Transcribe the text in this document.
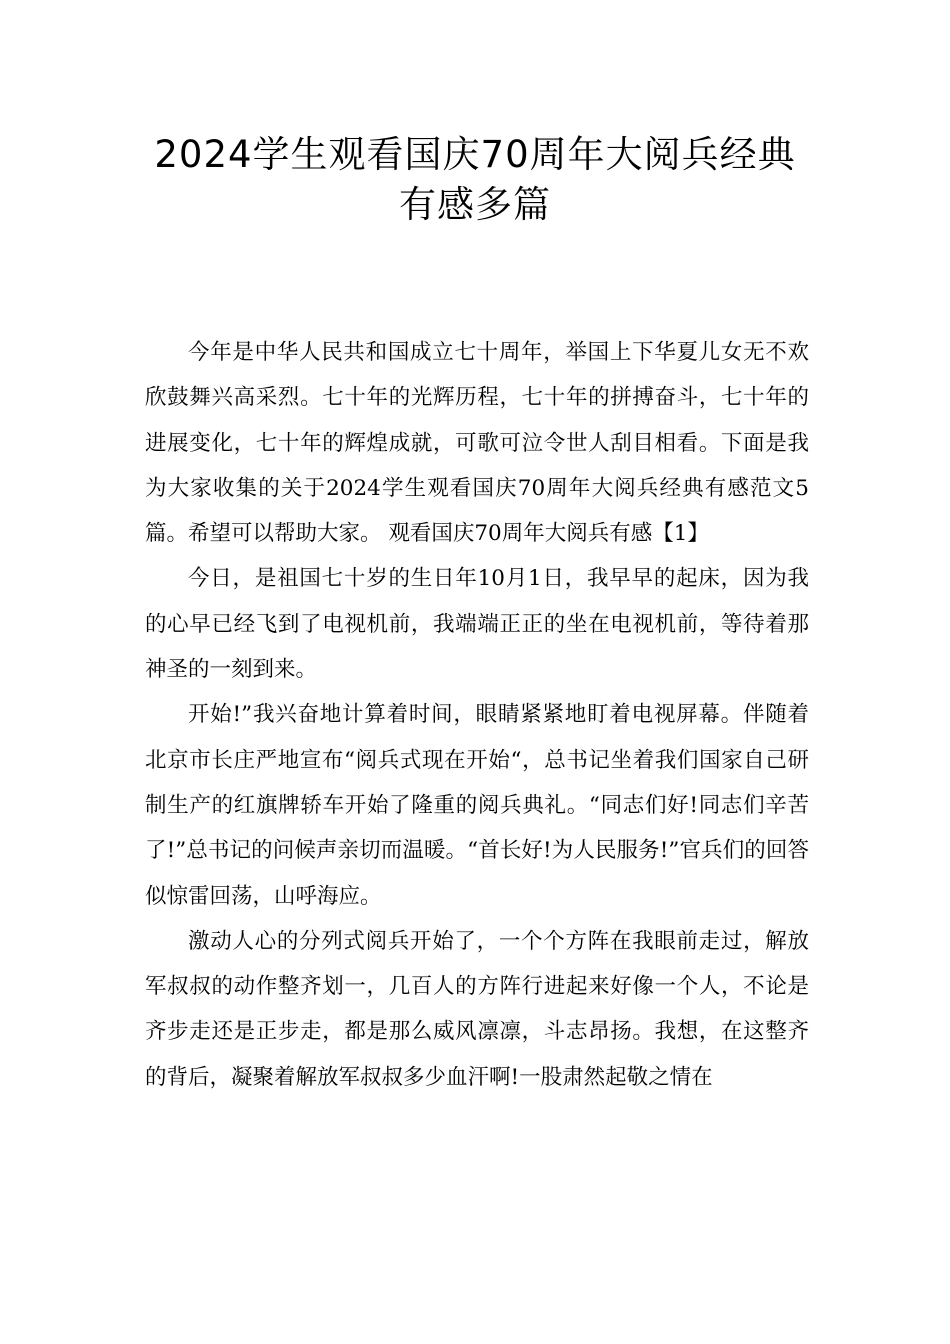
2024学生观看国庆70周年大阅兵经典
有感多篇

今年是中华人民共和国成立七十周年，举国上下华夏儿女无不欢欣鼓舞兴高采烈。七十年的光辉历程，七十年的拼搏奋斗，七十年的进展变化，七十年的辉煌成就，可歌可泣令世人刮目相看。下面是我为大家收集的关于2024学生观看国庆70周年大阅兵经典有感范文5篇。希望可以帮助大家。 观看国庆70周年大阅兵有感【1】

今日，是祖国七十岁的生日年10月1日，我早早的起床，因为我的心早已经飞到了电视机前，我端端正正的坐在电视机前，等待着那神圣的一刻到来。

开始!”我兴奋地计算着时间，眼睛紧紧地盯着电视屏幕。伴随着北京市长庄严地宣布“阅兵式现在开始“，总书记坐着我们国家自己研制生产的红旗牌轿车开始了隆重的阅兵典礼。“同志们好!同志们辛苦了!”总书记的问候声亲切而温暖。“首长好!为人民服务!”官兵们的回答似惊雷回荡，山呼海应。

激动人心的分列式阅兵开始了，一个个方阵在我眼前走过，解放军叔叔的动作整齐划一，几百人的方阵行进起来好像一个人，不论是齐步走还是正步走，都是那么威风凛凛，斗志昂扬。我想，在这整齐的背后，凝聚着解放军叔叔多少血汗啊!一股肃然起敬之情在
